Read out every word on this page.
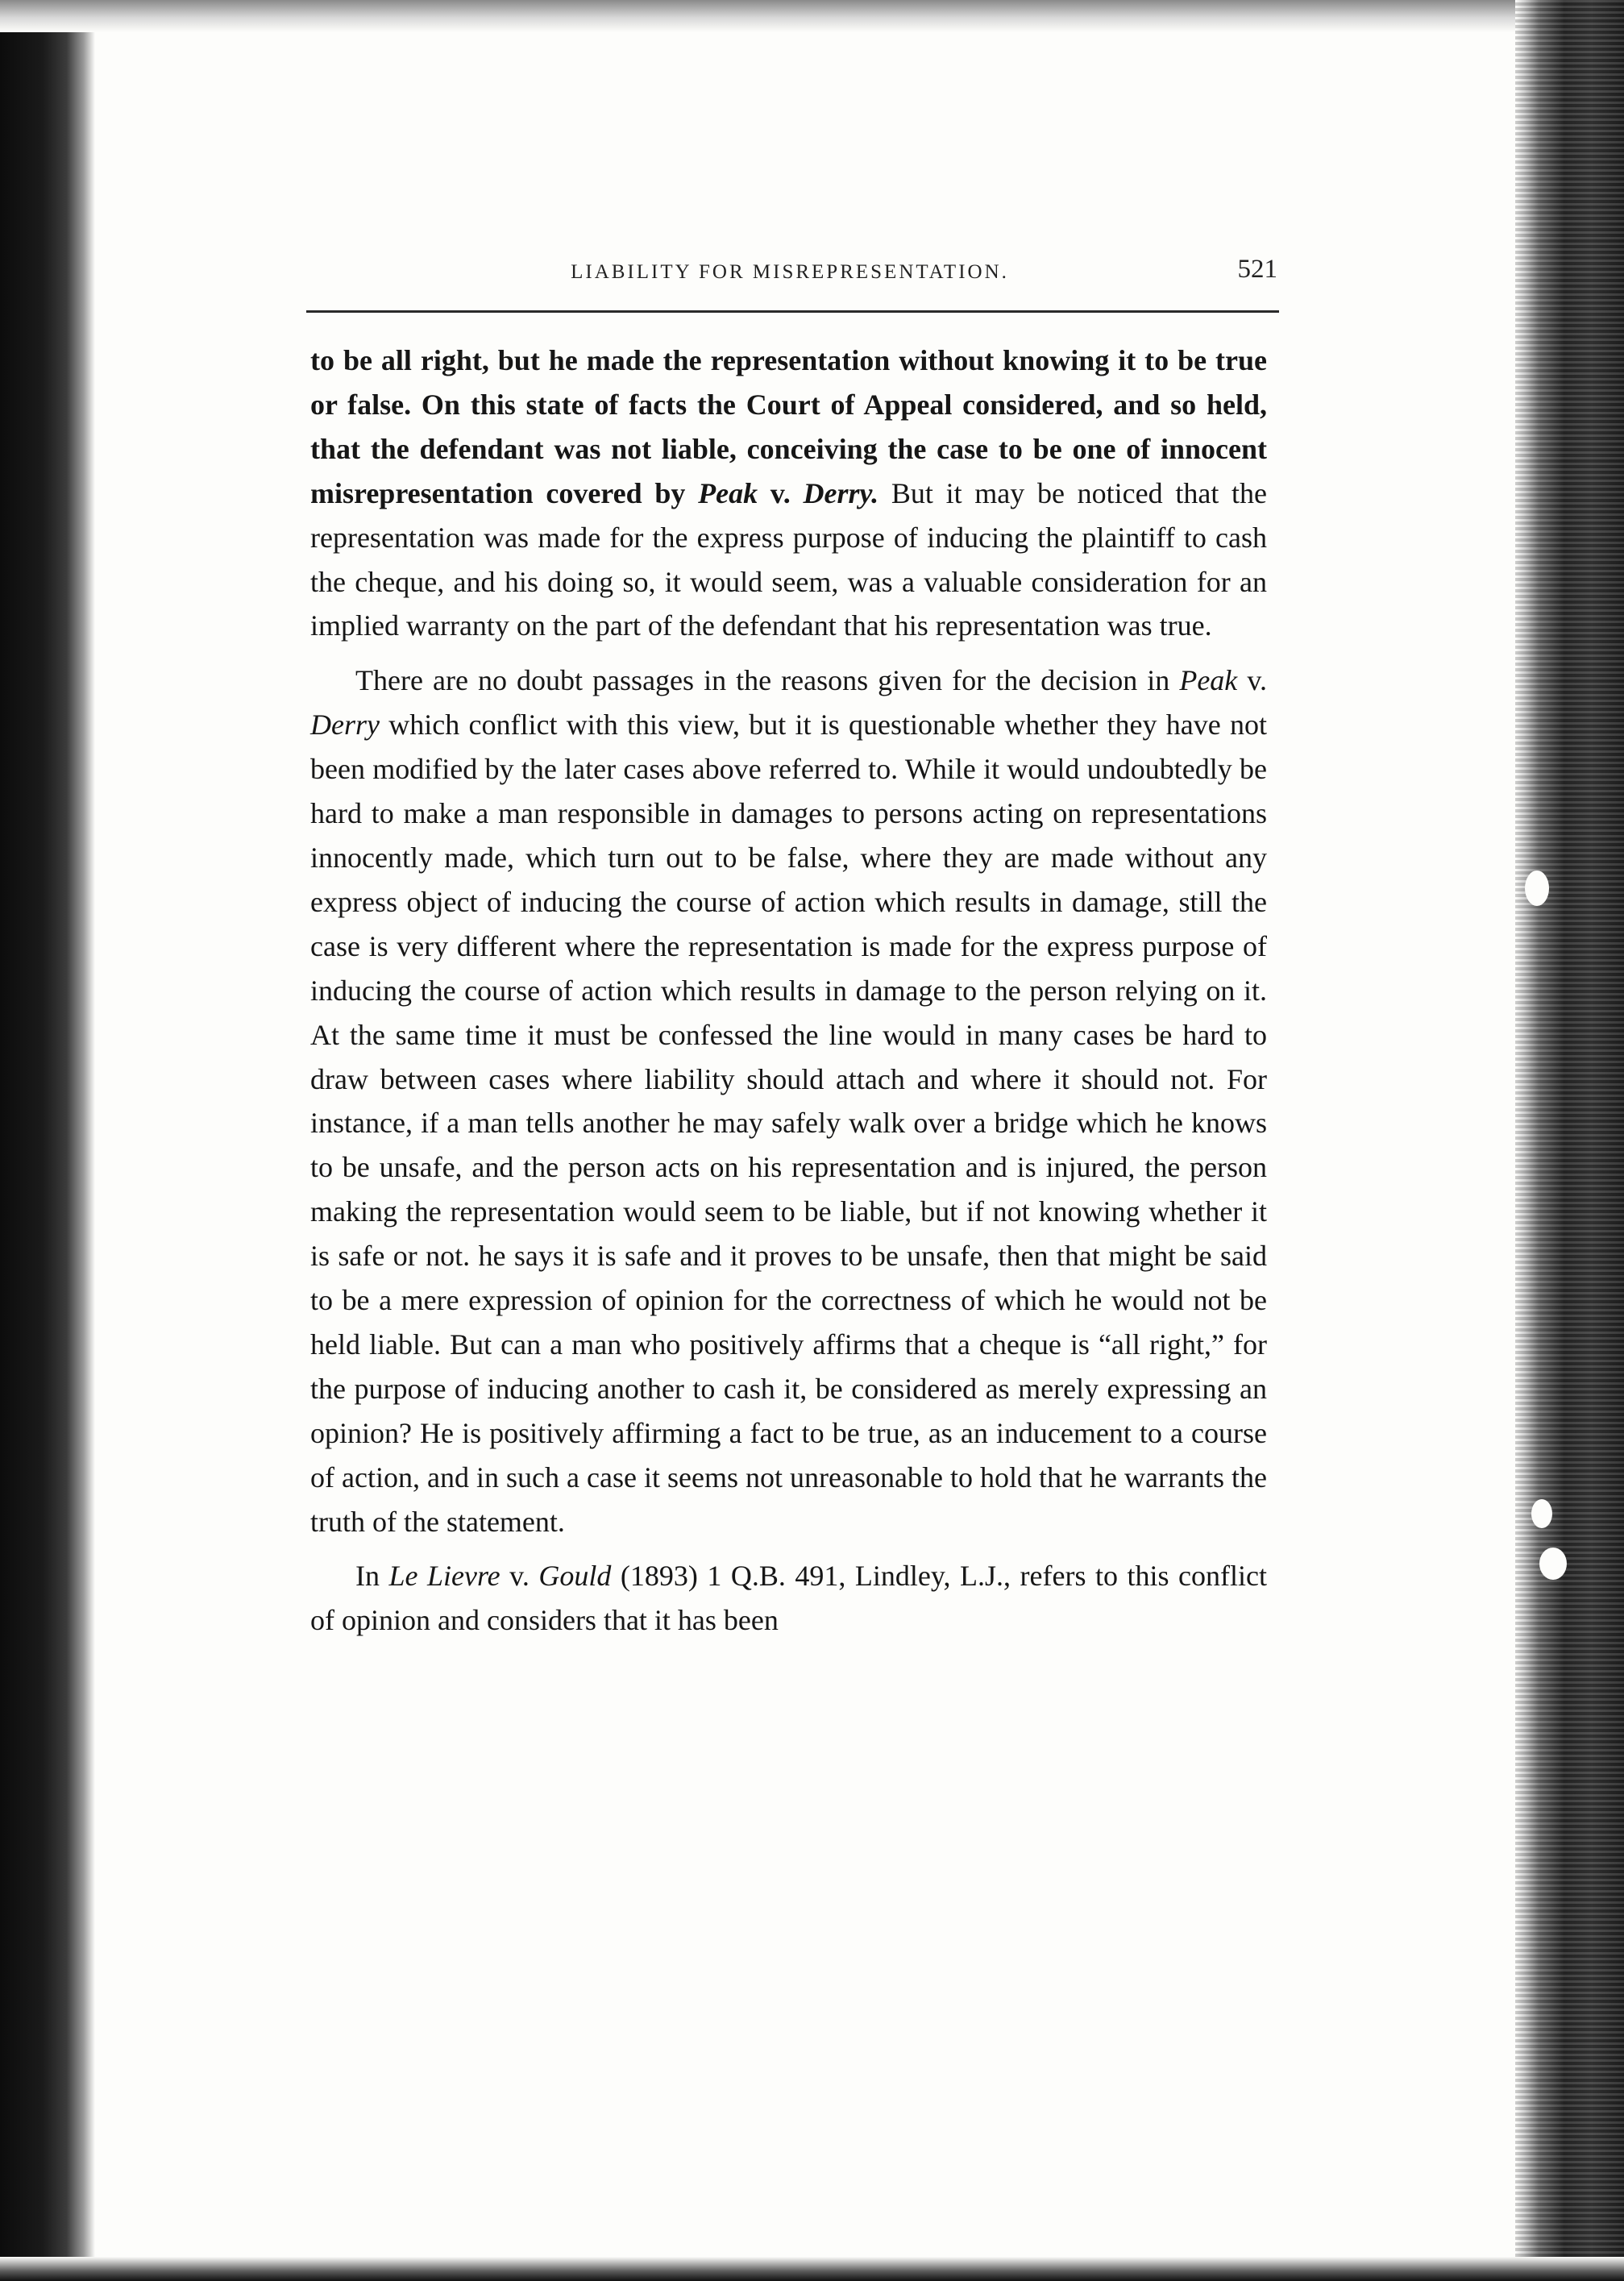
LIABILITY FOR MISREPRESENTATION.	521

to be all right, but he made the representation without knowing it to be true or false. On this state of facts the Court of Appeal considered, and so held, that the defendant was not liable, conceiving the case to be one of innocent misrepresentation covered by Peak v. Derry. But it may be noticed that the representation was made for the express purpose of inducing the plaintiff to cash the cheque, and his doing so, it would seem, was a valuable consideration for an implied warranty on the part of the defendant that his representation was true.

There are no doubt passages in the reasons given for the decision in Peak v. Derry which conflict with this view, but it is questionable whether they have not been modified by the later cases above referred to. While it would undoubtedly be hard to make a man responsible in damages to persons acting on representations innocently made, which turn out to be false, where they are made without any express object of inducing the course of action which results in damage, still the case is very different where the representation is made for the express purpose of inducing the course of action which results in damage to the person relying on it. At the same time it must be confessed the line would in many cases be hard to draw between cases where liability should attach and where it should not. For instance, if a man tells another he may safely walk over a bridge which he knows to be unsafe, and the person acts on his representation and is injured, the person making the representation would seem to be liable, but if not knowing whether it is safe or not. he says it is safe and it proves to be unsafe, then that might be said to be a mere expression of opinion for the correctness of which he would not be held liable. But can a man who positively affirms that a cheque is “all right,” for the purpose of inducing another to cash it, be considered as merely expressing an opinion? He is positively affirming a fact to be true, as an inducement to a course of action, and in such a case it seems not unreasonable to hold that he warrants the truth of the statement.

In Le Lievre v. Gould (1893) 1 Q.B. 491, Lindley, L.J., refers to this conflict of opinion and considers that it has been
